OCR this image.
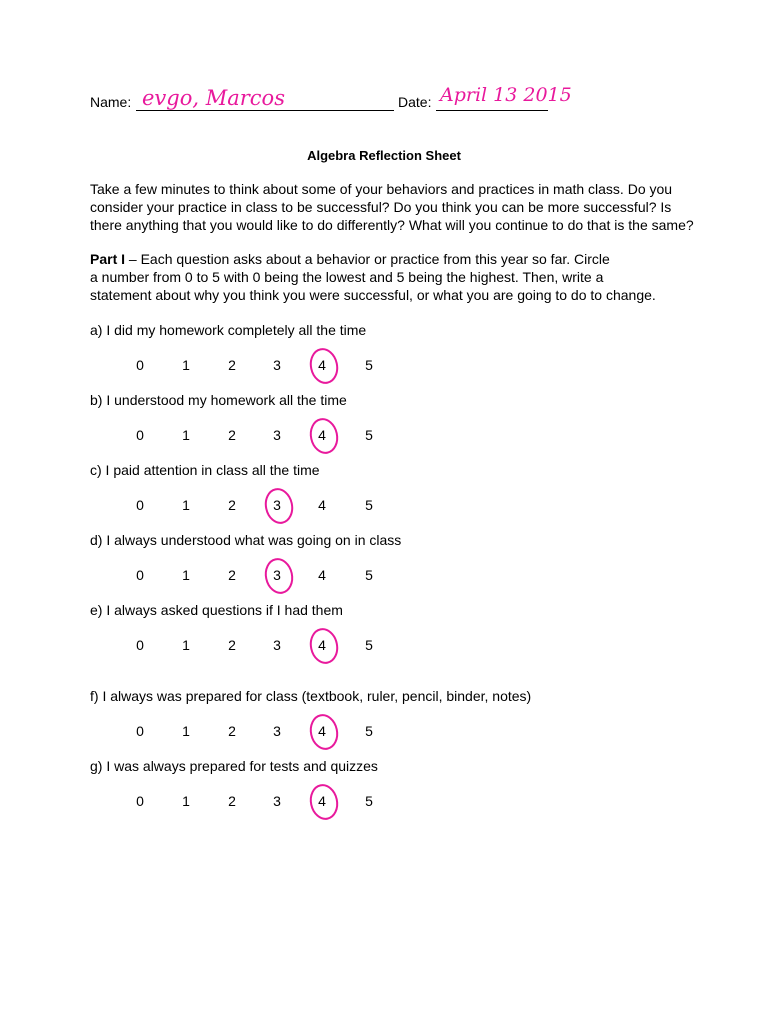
Name: evgo, Marcos	Date: April 13 2015
Algebra Reflection Sheet

Take a few minutes to think about some of your behaviors and practices in math class. Do you

consider your practice in class to be successful? Do you think you can be more successful? Is

there anything that you would like to do differently? What will you continue to do that is the same?

Part I – Each question asks about a behavior or practice from this year so far. Circle

a number from 0 to 5 with 0 being the lowest and 5 being the highest. Then, write a

statement about why you think you were successful, or what you are going to do to change.

a) I did my homework completely all the time
0	1	2	3	4	5
b) I understood my homework all the time
0	1	2	3	4	5
c) I paid attention in class all the time
0	1	2	3	4	5
d) I always understood what was going on in class
0	1	2	3	4	5
e) I always asked questions if I had them
0	1	2	3	4	5
f) I always was prepared for class (textbook, ruler, pencil, binder, notes)
0	1	2	3	4	5
g) I was always prepared for tests and quizzes
0	1	2	3	4	5
